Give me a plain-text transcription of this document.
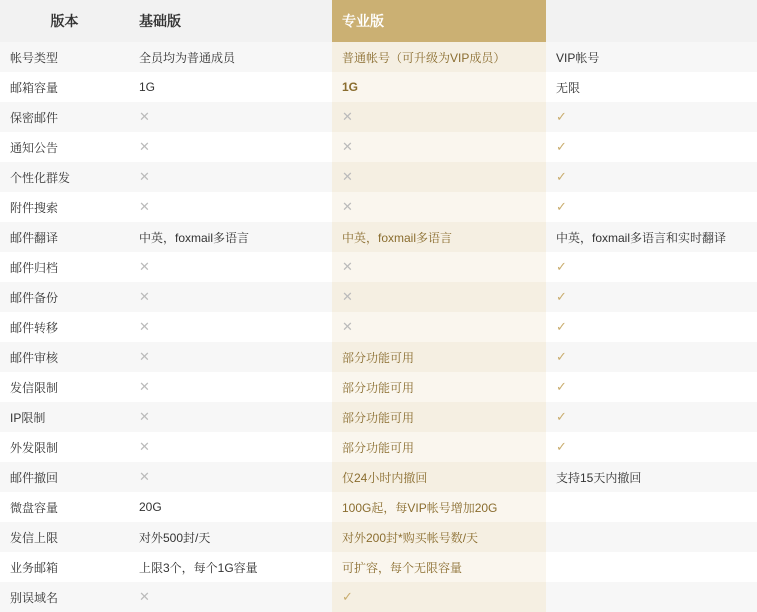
版本	基础版	专业版	
帐号类型	全员均为普通成员	普通帐号（可升级为VIP成员）	VIP帐号
邮箱容量	1G	1G	无限
保密邮件	✕	✕	✓
通知公告	✕	✕	✓
个性化群发	✕	✕	✓
附件搜索	✕	✕	✓
邮件翻译	中英，foxmail多语言	中英，foxmail多语言	中英，foxmail多语言和实时翻译
邮件归档	✕	✕	✓
邮件备份	✕	✕	✓
邮件转移	✕	✕	✓
邮件审核	✕	部分功能可用	✓
发信限制	✕	部分功能可用	✓
IP限制	✕	部分功能可用	✓
外发限制	✕	部分功能可用	✓
邮件撤回	✕	仅24小时内撤回	支持15天内撤回
微盘容量	20G	100G起，每VIP帐号增加20G	
发信上限	对外500封/天	对外200封*购买帐号数/天	
业务邮箱	上限3个，每个1G容量	可扩容，每个无限容量	
别误域名	✕	✓	
